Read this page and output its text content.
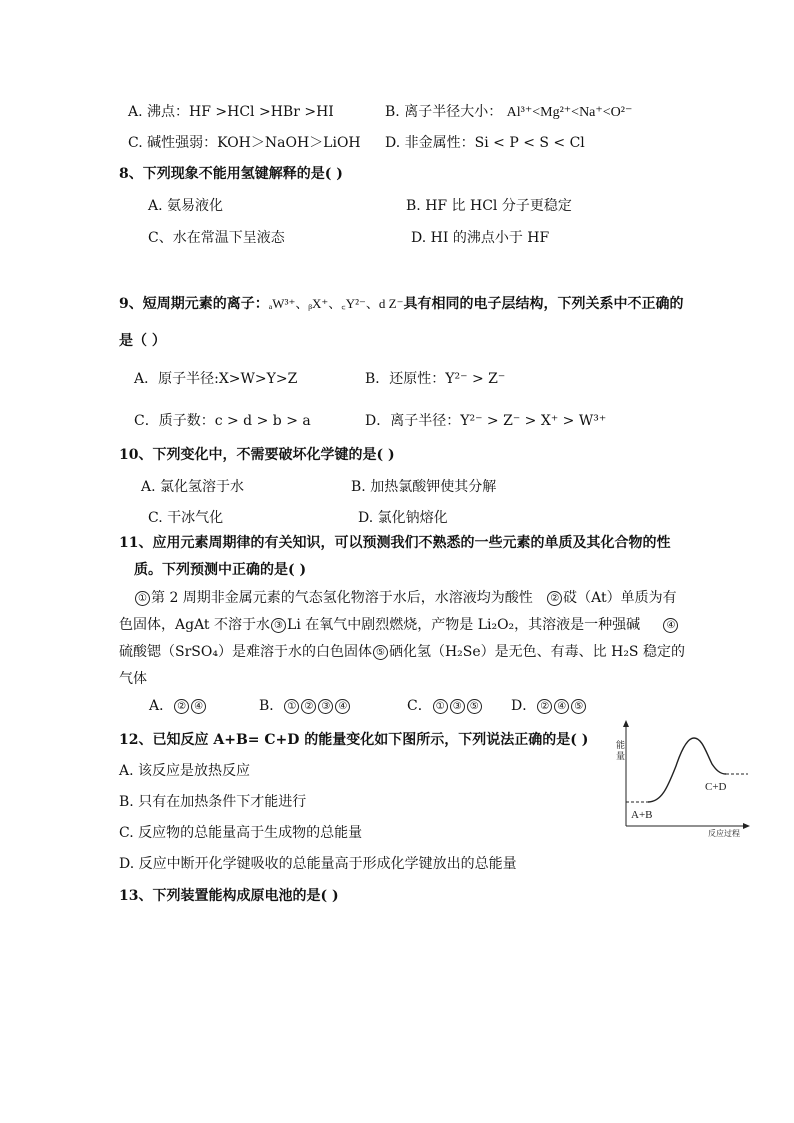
A. 沸点：HF >HCl >HBr >HI	B. 离子半径大小： Al³⁺<Mg²⁺<Na⁺<O²⁻
C. 碱性强弱：KOH＞NaOH＞LiOH D. 非金属性：Si < P < S < Cl
8、下列现象不能用氢键解释的是( )
A. 氨易液化	B. HF 比 HCl 分子更稳定
C、水在常温下呈液态	D. HI 的沸点小于 HF
9、短周期元素的离子：ₐW³⁺、ᵦX⁺、꜀Y²⁻、d Z⁻具有相同的电子层结构，下列关系中不正确的
是（ ）
A．原子半径:X>W>Y>Z	B．还原性：Y²⁻ > Z⁻
C．质子数：c > d > b > a	D．离子半径：Y²⁻ > Z⁻ > X⁺ > W³⁺
10、下列变化中，不需要破坏化学键的是( )
A. 氯化氢溶于水	B. 加热氯酸钾使其分解
C. 干冰气化	D. 氯化钠熔化
11、应用元素周期律的有关知识，可以预测我们不熟悉的一些元素的单质及其化合物的性
质。下列预测中正确的是( )
① 第 2 周期非金属元素的气态氢化物溶于水后，水溶液均为酸性 ② 砹（At）单质为有
色固体，AgAt 不溶于水 ③ Li 在氧气中剧烈燃烧，产物是 Li₂O₂，其溶液是一种强碱	④
硫酸锶（SrSO₄）是难溶于水的白色固体 ⑤ 硒化氢（H₂Se）是无色、有毒、比 H₂S 稳定的
气体
A． ② ④	B． ① ② ③ ④	C． ① ③ ⑤ D． ② ④ ⑤
12、已知反应 A+B= C+D 的能量变化如下图所示，下列说法正确的是( )
A. 该反应是放热反应
B. 只有在加热条件下才能进行
C. 反应物的总能量高于生成物的总能量
D. 反应中断开化学键吸收的总能量高于形成化学键放出的总能量
能 量
C+D
A+B
反应过程
13、下列装置能构成原电池的是( )
